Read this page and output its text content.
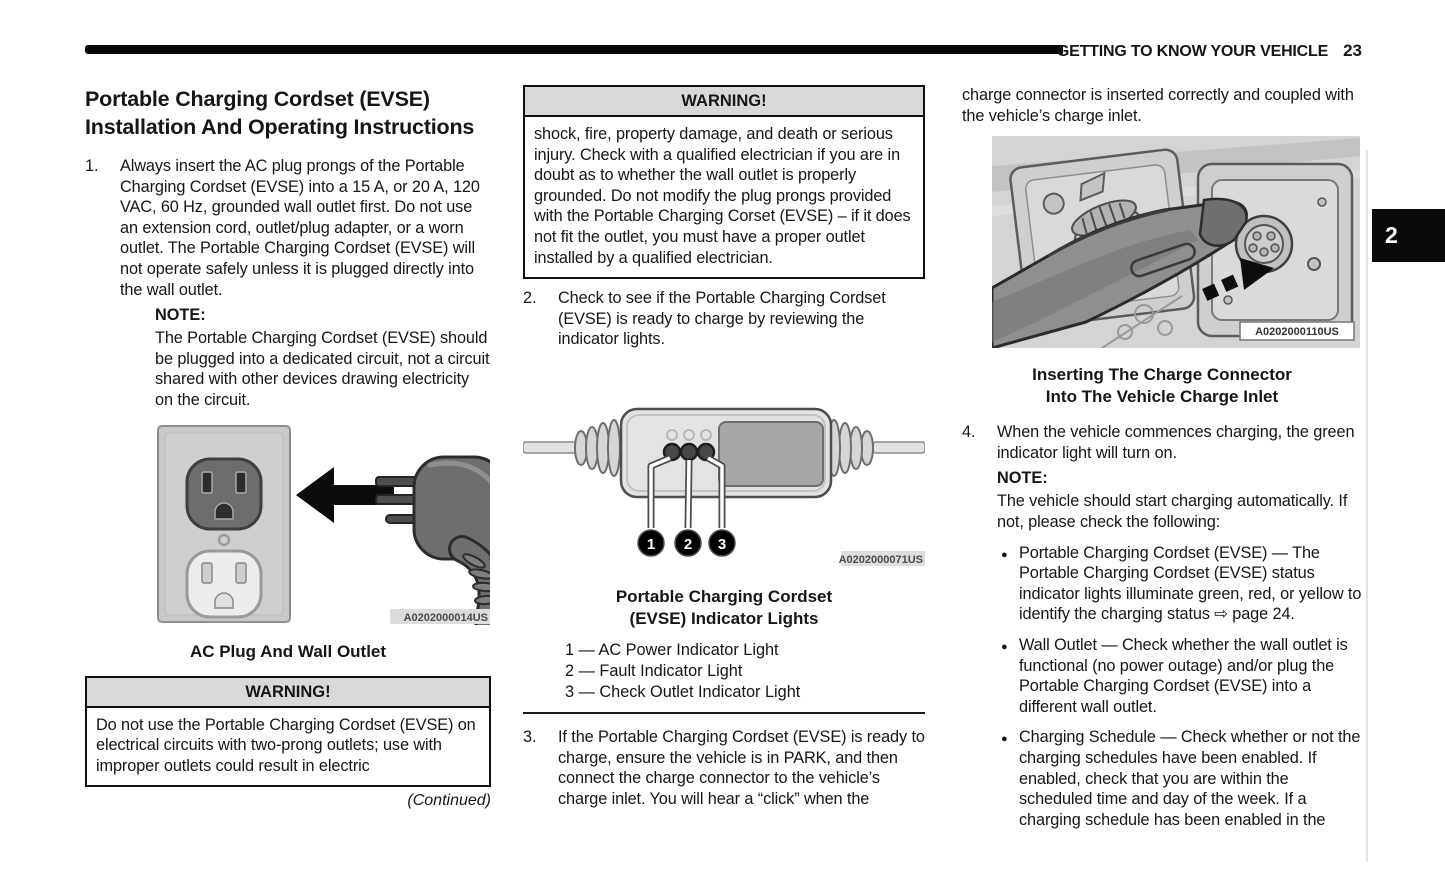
GETTING TO KNOW YOUR VEHICLE 23
2
Portable Charging Cordset (EVSE)
Installation And Operating Instructions
1.	Always insert the AC plug prongs of the Portable Charging Cordset (EVSE) into a 15 A, or 20 A, 120 VAC, 60 Hz, grounded wall outlet first. Do not use an extension cord, outlet/plug adapter, or a worn outlet. The Portable Charging Cordset (EVSE) will not operate safely unless it is plugged directly into the wall outlet.

NOTE:

The Portable Charging Cordset (EVSE) should be plugged into a dedicated circuit, not a circuit shared with other devices drawing electricity on the circuit.

A0202000014US
AC Plug And Wall Outlet
WARNING!

Do not use the Portable Charging Cordset (EVSE) on electrical circuits with two-prong outlets; use with improper outlets could result in electric

(Continued)
WARNING!

shock, fire, property damage, and death or serious injury. Check with a qualified electrician if you are in doubt as to whether the wall outlet is properly grounded. Do not modify the plug prongs provided with the Portable Charging Corset (EVSE) – if it does not fit the outlet, you must have a proper outlet installed by a qualified electrician.

2.	Check to see if the Portable Charging Cordset (EVSE) is ready to charge by reviewing the indicator lights.

1 2 3
A0202000071US
Portable Charging Cordset
(EVSE) Indicator Lights
1 — AC Power Indicator Light
2 — Fault Indicator Light
3 — Check Outlet Indicator Light
3.	If the Portable Charging Cordset (EVSE) is ready to charge, ensure the vehicle is in PARK, and then connect the charge connector to the vehicle’s charge inlet. You will hear a “click” when the

charge connector is inserted correctly and coupled with the vehicle’s charge inlet.

A0202000110US
Inserting The Charge Connector
Into The Vehicle Charge Inlet
4.	When the vehicle commences charging, the green indicator light will turn on.

NOTE:

The vehicle should start charging automatically. If not, please check the following:

●

Portable Charging Cordset (EVSE) — The Portable Charging Cordset (EVSE) status indicator lights illuminate green, red, or yellow to identify the charging status ⇨ page 24.

●

Wall Outlet — Check whether the wall outlet is functional (no power outage) and/or plug the Portable Charging Cordset (EVSE) into a different wall outlet.

●

Charging Schedule — Check whether or not the charging schedules have been enabled. If enabled, check that you are within the scheduled time and day of the week. If a charging schedule has been enabled in the
